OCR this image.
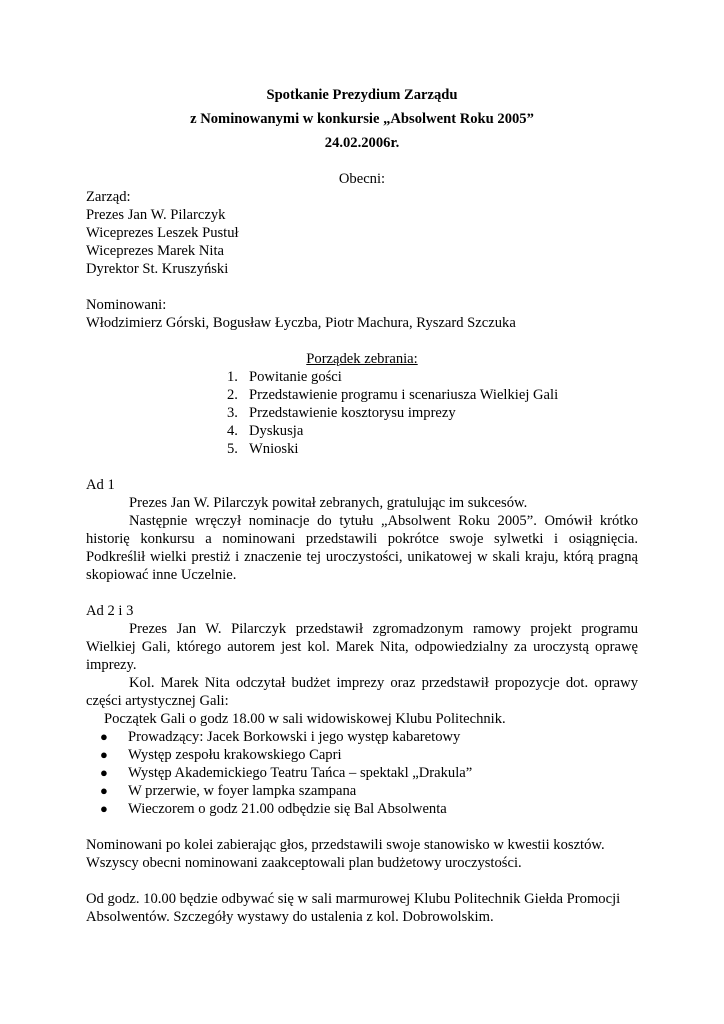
Spotkanie Prezydium Zarządu

z Nominowanymi w konkursie „Absolwent Roku 2005”

24.02.2006r.

Obecni:

Zarząd:

Prezes Jan W. Pilarczyk

Wiceprezes Leszek Pustuł

Wiceprezes Marek Nita

Dyrektor St. Kruszyński

Nominowani:

Włodzimierz Górski, Bogusław Łyczba, Piotr Machura, Ryszard Szczuka

Porządek zebrania:

1. Powitanie gości
2. Przedstawienie programu i scenariusza Wielkiej Gali
3. Przedstawienie kosztorysu imprezy
4. Dyskusja
5. Wnioski

Ad 1

Prezes Jan W. Pilarczyk powitał zebranych, gratulując im sukcesów.

Następnie wręczył nominacje do tytułu „Absolwent Roku 2005”. Omówił krótko historię konkursu a nominowani przedstawili pokrótce swoje sylwetki i osiągnięcia. Podkreślił wielki prestiż i znaczenie tej uroczystości, unikatowej w skali kraju, którą pragną skopiować inne Uczelnie.

Ad 2 i 3

Prezes Jan W. Pilarczyk przedstawił zgromadzonym ramowy projekt programu Wielkiej Gali, którego autorem jest kol. Marek Nita, odpowiedzialny za uroczystą oprawę imprezy.

Kol. Marek Nita odczytał budżet imprezy oraz przedstawił propozycje dot. oprawy części artystycznej Gali:

Początek Gali o godz 18.00 w sali widowiskowej Klubu Politechnik.

●	Prowadzący: Jacek Borkowski i jego występ kabaretowy
●	Występ zespołu krakowskiego Capri
●	Występ Akademickiego Teatru Tańca – spektakl „Drakula”
●	W przerwie, w foyer lampka szampana
●	Wieczorem o godz 21.00 odbędzie się Bal Absolwenta

Nominowani po kolei zabierając głos, przedstawili swoje stanowisko w kwestii kosztów.

Wszyscy obecni nominowani zaakceptowali plan budżetowy uroczystości.

Od godz. 10.00 będzie odbywać się w sali marmurowej Klubu Politechnik Giełda Promocji

Absolwentów. Szczegóły wystawy do ustalenia z kol. Dobrowolskim.
